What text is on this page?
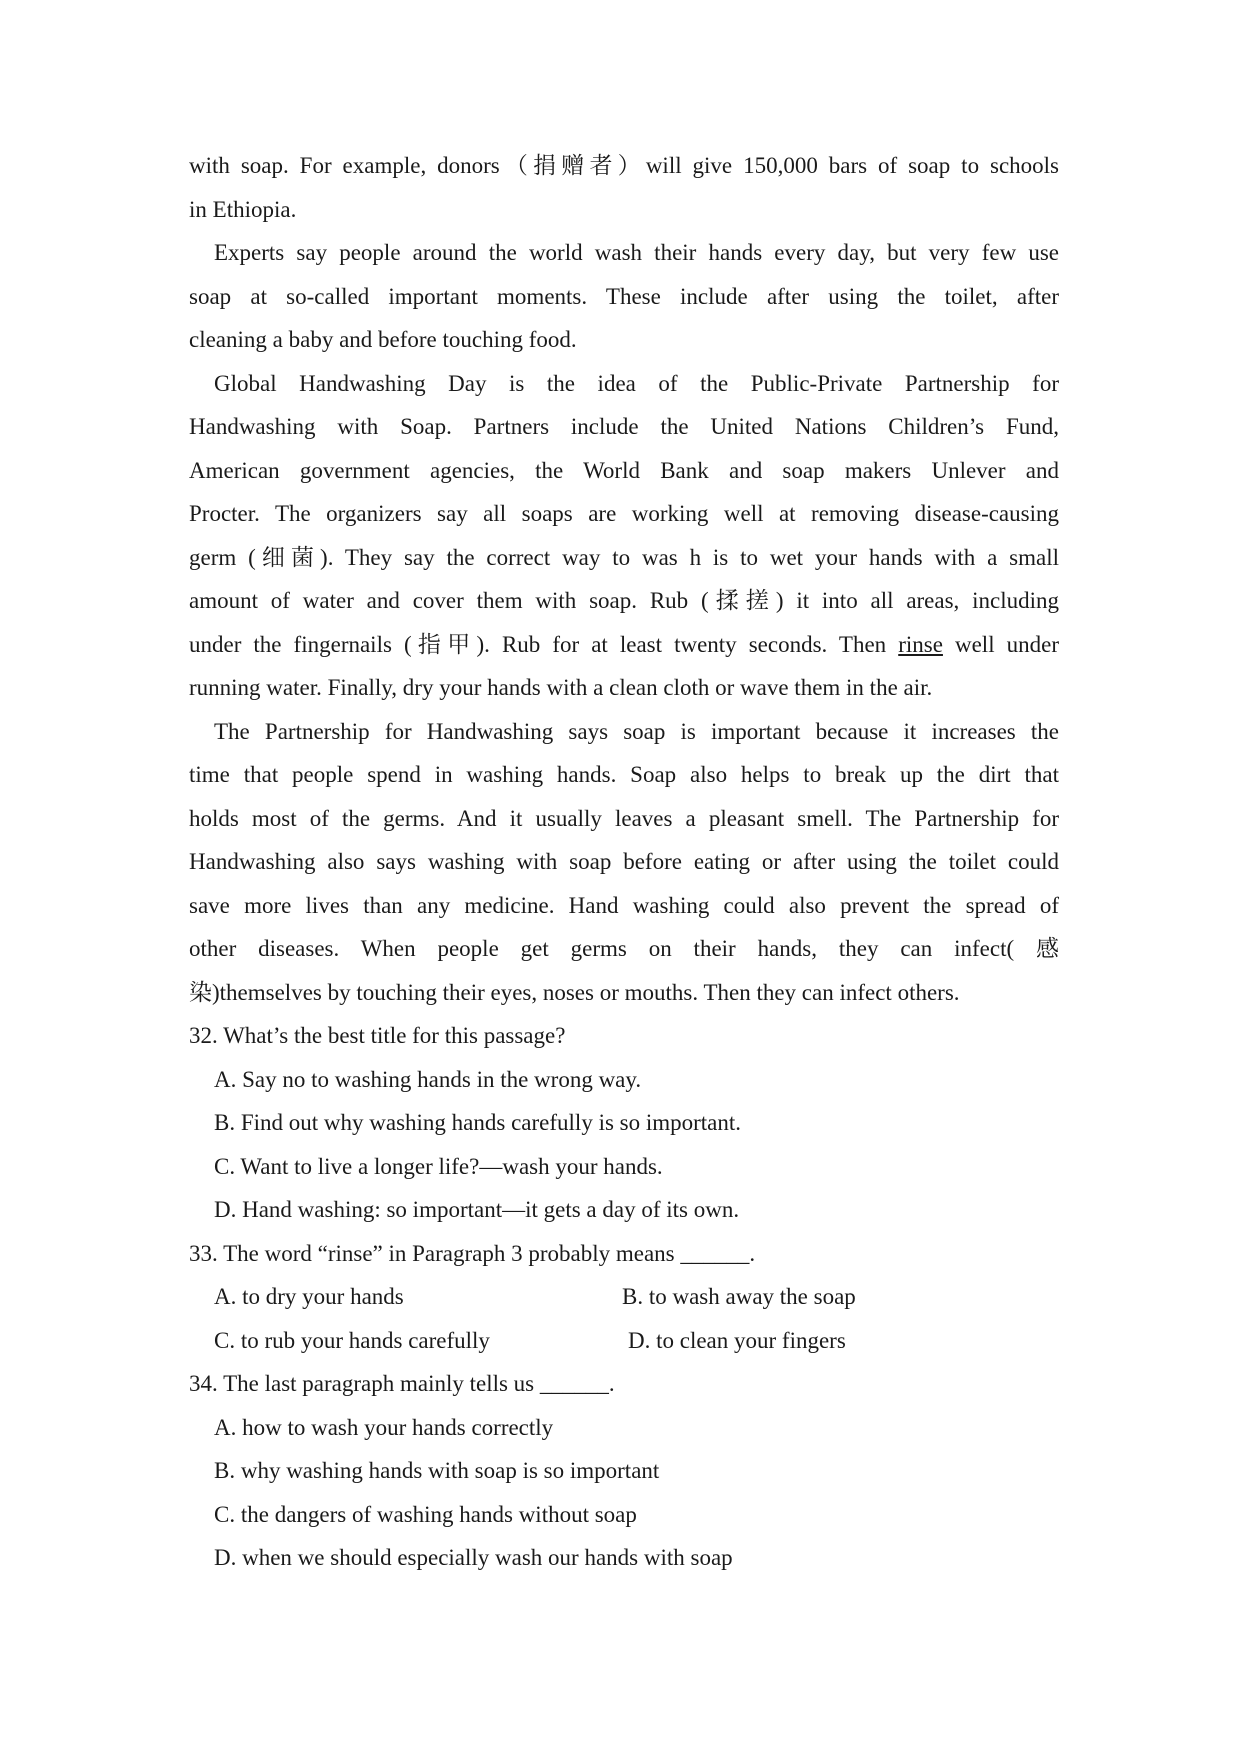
with soap. For example, donors（捐赠者）will give 150,000 bars of soap to schools
in Ethiopia.
Experts say people around the world wash their hands every day, but very few use
soap at so-called important moments. These include after using the toilet, after
cleaning a baby and before touching food.
Global Handwashing Day is the idea of the Public-Private Partnership for
Handwashing with Soap. Partners include the United Nations Children’s Fund,
American government agencies, the World Bank and soap makers Unlever and
Procter. The organizers say all soaps are working well at removing disease-causing
germ (细菌). They say the correct way to was h is to wet your hands with a small
amount of water and cover them with soap. Rub (揉搓) it into all areas, including
under the fingernails (指甲). Rub for at least twenty seconds. Then rinse well under
running water. Finally, dry your hands with a clean cloth or wave them in the air.
The Partnership for Handwashing says soap is important because it increases the
time that people spend in washing hands. Soap also helps to break up the dirt that
holds most of the germs. And it usually leaves a pleasant smell. The Partnership for
Handwashing also says washing with soap before eating or after using the toilet could
save more lives than any medicine. Hand washing could also prevent the spread of
other diseases. When people get germs on their hands, they can infect( 感
染)themselves by touching their eyes, noses or mouths. Then they can infect others.
32. What’s the best title for this passage?
A. Say no to washing hands in the wrong way.
B. Find out why washing hands carefully is so important.
C. Want to live a longer life?—wash your hands.
D. Hand washing: so important—it gets a day of its own.
33. The word “rinse” in Paragraph 3 probably means ______.
A. to dry your hands	B. to wash away the soap
C. to rub your hands carefully	D. to clean your fingers
34. The last paragraph mainly tells us ______.
A. how to wash your hands correctly
B. why washing hands with soap is so important
C. the dangers of washing hands without soap
D. when we should especially wash our hands with soap
